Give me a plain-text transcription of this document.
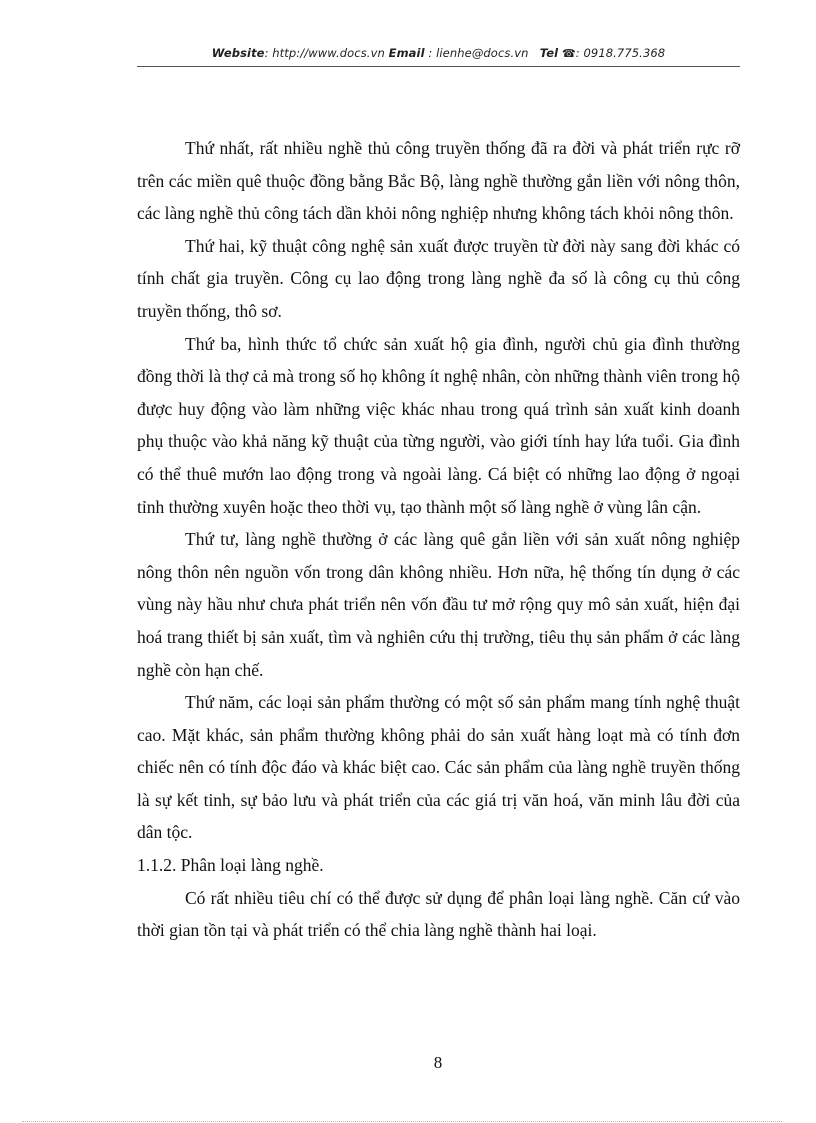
Website: http://www.docs.vn Email : lienhe@docs.vn Tel ☎: 0918.775.368

Thứ nhất, rất nhiều nghề thủ công truyền thống đã ra đời và phát triển rực rỡ trên các miền quê thuộc đồng bằng Bắc Bộ, làng nghề thường gắn liền với nông thôn, các làng nghề thủ công tách dần khỏi nông nghiệp nhưng không tách khỏi nông thôn.

Thứ hai, kỹ thuật công nghệ sản xuất được truyền từ đời này sang đời khác có tính chất gia truyền. Công cụ lao động trong làng nghề đa số là công cụ thủ công truyền thống, thô sơ.

Thứ ba, hình thức tổ chức sản xuất hộ gia đình, người chủ gia đình thường đồng thời là thợ cả mà trong số họ không ít nghệ nhân, còn những thành viên trong hộ được huy động vào làm những việc khác nhau trong quá trình sản xuất kinh doanh phụ thuộc vào khả năng kỹ thuật của từng người, vào giới tính hay lứa tuổi. Gia đình có thể thuê mướn lao động trong và ngoài làng. Cá biệt có những lao động ở ngoại tỉnh thường xuyên hoặc theo thời vụ, tạo thành một số làng nghề ở vùng lân cận.

Thứ tư, làng nghề thường ở các làng quê gắn liền với sản xuất nông nghiệp nông thôn nên nguồn vốn trong dân không nhiều. Hơn nữa, hệ thống tín dụng ở các vùng này hầu như chưa phát triển nên vốn đầu tư mở rộng quy mô sản xuất, hiện đại hoá trang thiết bị sản xuất, tìm và nghiên cứu thị trường, tiêu thụ sản phẩm ở các làng nghề còn hạn chế.

Thứ năm, các loại sản phẩm thường có một số sản phẩm mang tính nghệ thuật cao. Mặt khác, sản phẩm thường không phải do sản xuất hàng loạt mà có tính đơn chiếc nên có tính độc đáo và khác biệt cao. Các sản phẩm của làng nghề truyền thống là sự kết tinh, sự bảo lưu và phát triển của các giá trị văn hoá, văn minh lâu đời của dân tộc.

1.1.2. Phân loại làng nghề.

Có rất nhiều tiêu chí có thể được sử dụng để phân loại làng nghề. Căn cứ vào thời gian tồn tại và phát triển có thể chia làng nghề thành hai loại.

8
